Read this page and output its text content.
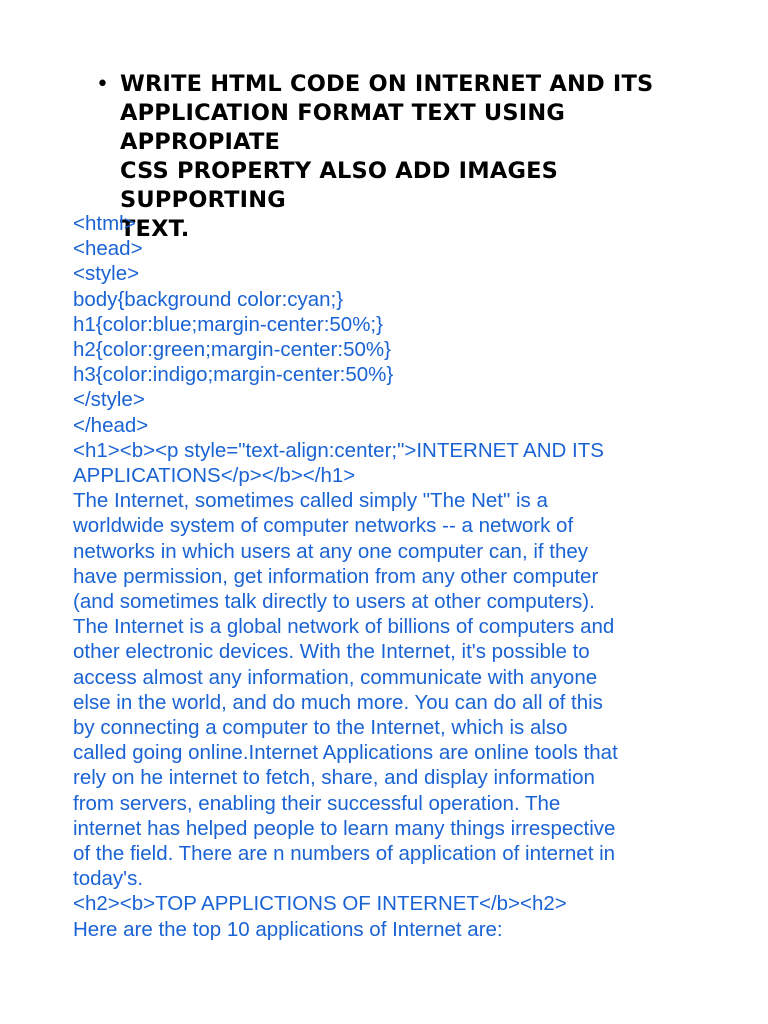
• WRITE HTML CODE ON INTERNET AND ITS
APPLICATION FORMAT TEXT USING APPROPIATE
CSS PROPERTY ALSO ADD IMAGES SUPPORTING
TEXT.

<html>

<head>

<style>

body{background color:cyan;}

h1{color:blue;margin-center:50%;}

h2{color:green;margin-center:50%}

h3{color:indigo;margin-center:50%}

</style>

</head>

<h1><b><p style="text-align:center;">INTERNET AND ITS

APPLICATIONS</p></b></h1>

The Internet, sometimes called simply "The Net" is a

worldwide system of computer networks -- a network of

networks in which users at any one computer can, if they

have permission, get information from any other computer

(and sometimes talk directly to users at other computers).

The Internet is a global network of billions of computers and

other electronic devices. With the Internet, it's possible to

access almost any information, communicate with anyone

else in the world, and do much more. You can do all of this

by connecting a computer to the Internet, which is also

called going online.Internet Applications are online tools that

rely on he internet to fetch, share, and display information

from servers, enabling their successful operation. The

internet has helped people to learn many things irrespective

of the field. There are n numbers of application of internet in

today's.

<h2><b>TOP APPLICTIONS OF INTERNET</b><h2>

Here are the top 10 applications of Internet are:
